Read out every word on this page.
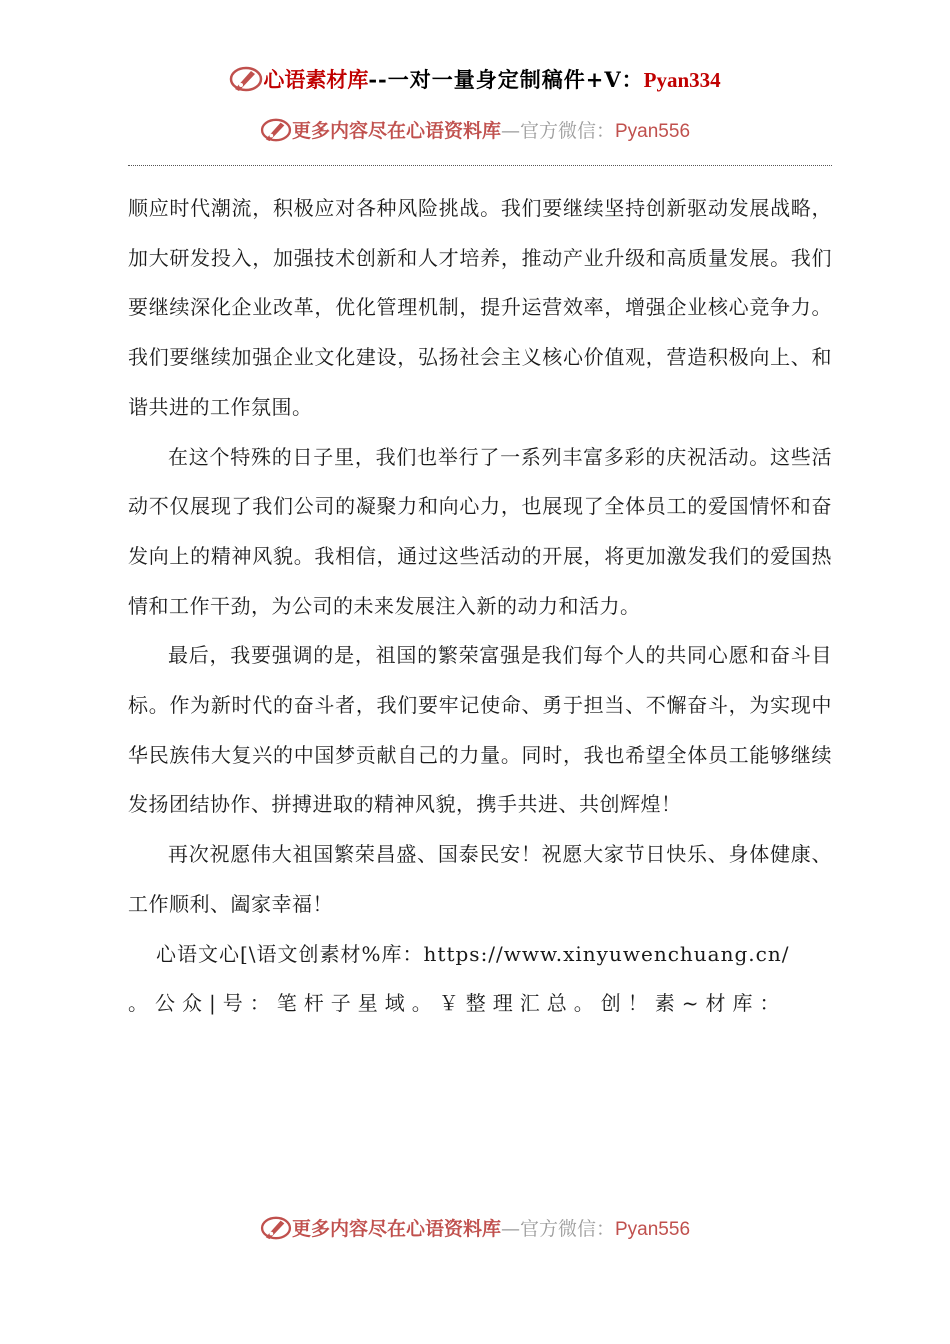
心语素材库--一对一量身定制稿件+V：Pyan334
更多内容尽在心语资料库—官方微信：Pyan556

顺应时代潮流，积极应对各种风险挑战。我们要继续坚持创新驱动发展战略，加大研发投入，加强技术创新和人才培养，推动产业升级和高质量发展。我们要继续深化企业改革，优化管理机制，提升运营效率，增强企业核心竞争力。我们要继续加强企业文化建设，弘扬社会主义核心价值观，营造积极向上、和谐共进的工作氛围。

在这个特殊的日子里，我们也举行了一系列丰富多彩的庆祝活动。这些活动不仅展现了我们公司的凝聚力和向心力，也展现了全体员工的爱国情怀和奋发向上的精神风貌。我相信，通过这些活动的开展，将更加激发我们的爱国热情和工作干劲，为公司的未来发展注入新的动力和活力。

最后，我要强调的是，祖国的繁荣富强是我们每个人的共同心愿和奋斗目标。作为新时代的奋斗者，我们要牢记使命、勇于担当、不懈奋斗，为实现中华民族伟大复兴的中国梦贡献自己的力量。同时，我也希望全体员工能够继续发扬团结协作、拼搏进取的精神风貌，携手共进、共创辉煌！

再次祝愿伟大祖国繁荣昌盛、国泰民安！祝愿大家节日快乐、身体健康、工作顺利、阖家幸福！

心语文心[\语文创素材%库：https://www.xinyuwenchuang.cn/

。公众|号：笔杆子星域。￥整理汇总。创！素~材库：

更多内容尽在心语资料库—官方微信：Pyan556
